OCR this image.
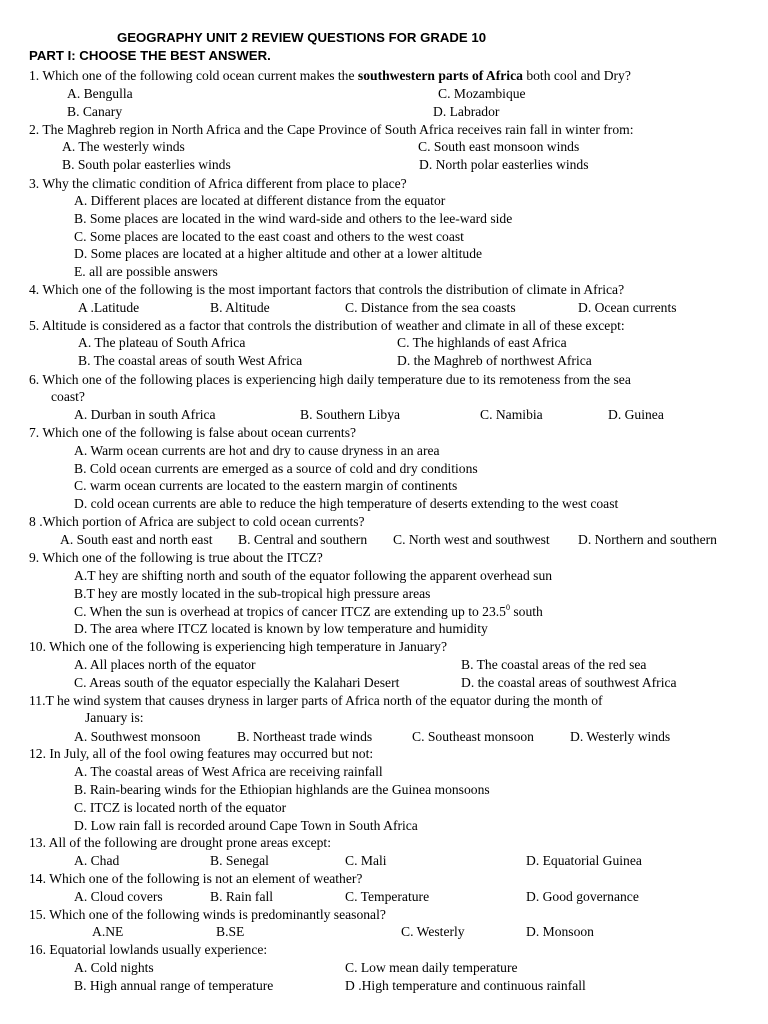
GEOGRAPHY UNIT 2 REVIEW QUESTIONS FOR GRADE 10
PART I: CHOOSE THE BEST ANSWER.
1. Which one of the following cold ocean current makes the southwestern parts of Africa both cool and Dry?
A. Bengulla	C. Mozambique
B. Canary	D. Labrador
2. The Maghreb region in North Africa and the Cape Province of South Africa receives rain fall in winter from:
A. The westerly winds	C. South east monsoon winds
B. South polar easterlies winds	D. North polar easterlies winds
3. Why the climatic condition of Africa different from place to place?
A. Different places are located at different distance from the equator
B. Some places are located in the wind ward-side and others to the lee-ward side
C. Some places are located to the east coast and others to the west coast
D. Some places are located at a higher altitude and other at a lower altitude
E. all are possible answers
4. Which one of the following is the most important factors that controls the distribution of climate in Africa?
A .Latitude	B. Altitude	C. Distance from the sea coasts	D. Ocean currents
5. Altitude is considered as a factor that controls the distribution of weather and climate in all of these except:
A. The plateau of South Africa	C. The highlands of east Africa
B. The coastal areas of south West Africa	D. the Maghreb of northwest Africa
6. Which one of the following places is experiencing high daily temperature due to its remoteness from the sea
coast?
A. Durban in south Africa	B. Southern Libya	C. Namibia	D. Guinea
7. Which one of the following is false about ocean currents?
A. Warm ocean currents are hot and dry to cause dryness in an area
B. Cold ocean currents are emerged as a source of cold and dry conditions
C. warm ocean currents are located to the eastern margin of continents
D. cold ocean currents are able to reduce the high temperature of deserts extending to the west coast
8 .Which portion of Africa are subject to cold ocean currents?
A. South east and north east B. Central and southern C. North west and southwest D. Northern and southern
9. Which one of the following is true about the ITCZ?
A.T hey are shifting north and south of the equator following the apparent overhead sun
B.T hey are mostly located in the sub-tropical high pressure areas
C. When the sun is overhead at tropics of cancer ITCZ are extending up to 23.5$^0$ south
D. The area where ITCZ located is known by low temperature and humidity
10. Which one of the following is experiencing high temperature in January?
A. All places north of the equator	B. The coastal areas of the red sea
C. Areas south of the equator especially the Kalahari Desert	D. the coastal areas of southwest Africa
11.T he wind system that causes dryness in larger parts of Africa north of the equator during the month of
January is:
A. Southwest monsoon	B. Northeast trade winds	C. Southeast monsoon	D. Westerly winds
12. In July, all of the fool owing features may occurred but not:
A. The coastal areas of West Africa are receiving rainfall
B. Rain-bearing winds for the Ethiopian highlands are the Guinea monsoons
C. ITCZ is located north of the equator
D. Low rain fall is recorded around Cape Town in South Africa
13. All of the following are drought prone areas except:
A. Chad	B. Senegal	C. Mali	D. Equatorial Guinea
14. Which one of the following is not an element of weather?
A. Cloud covers	B. Rain fall	C. Temperature	D. Good governance
15. Which one of the following winds is predominantly seasonal?
A.NE	B.SE	C. Westerly	D. Monsoon
16. Equatorial lowlands usually experience:
A. Cold nights	C. Low mean daily temperature
B. High annual range of temperature	D .High temperature and continuous rainfall
